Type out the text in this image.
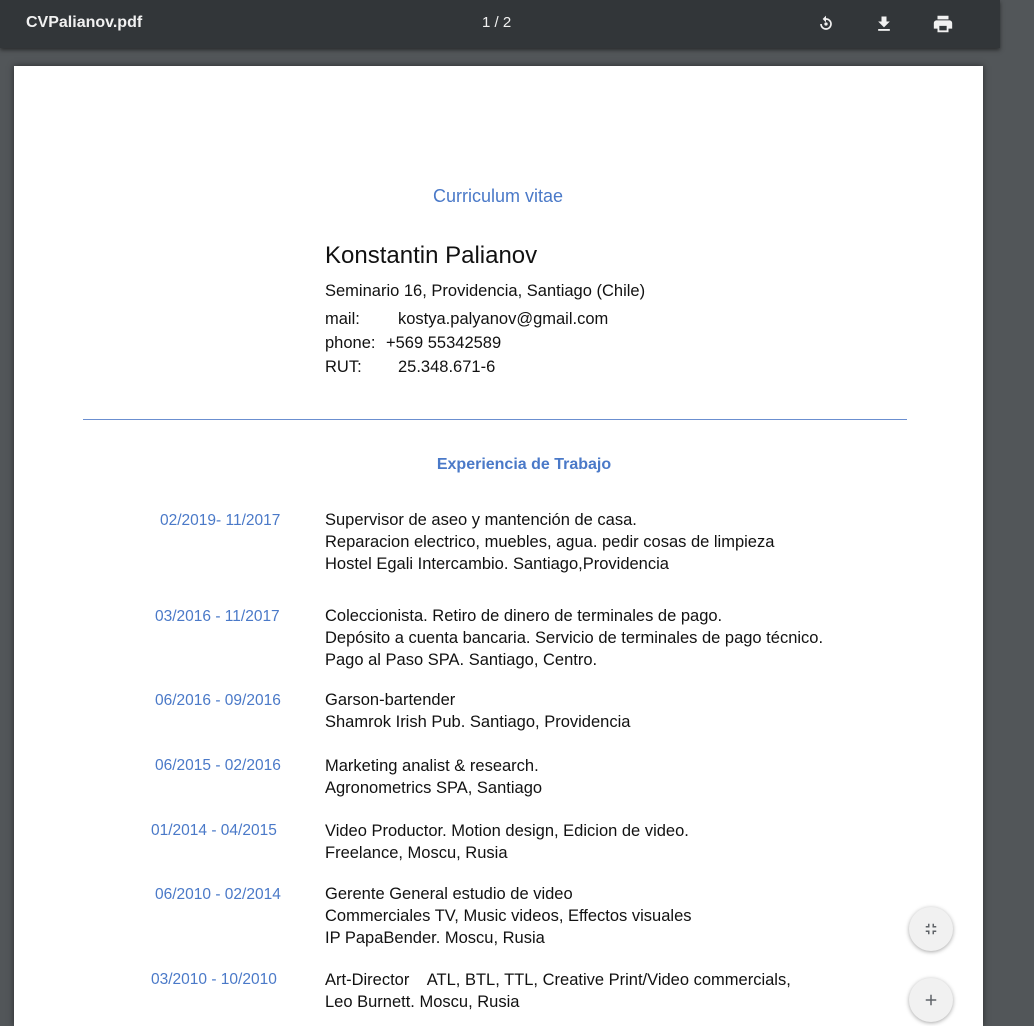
CVPalianov.pdf	1 / 2
Curriculum vitae
Konstantin Palianov
Seminario 16, Providencia, Santiago (Chile)
mail: kostya.palyanov@gmail.com
phone: +569 55342589
RUT: 25.348.671-6
Experiencia de Trabajo
02/2019- 11/2017	Supervisor de aseo y mantención de casa.
Reparacion electrico, muebles, agua. pedir cosas de limpieza
Hostel Egali Intercambio. Santiago,Providencia
03/2016 - 11/2017	Coleccionista. Retiro de dinero de terminales de pago.
Depósito a cuenta bancaria. Servicio de terminales de pago técnico.
Pago al Paso SPA. Santiago, Centro.
06/2016 - 09/2016	Garson-bartender
Shamrok Irish Pub. Santiago, Providencia
06/2015 - 02/2016	Marketing analist & research.
Agronometrics SPA, Santiago
01/2014 - 04/2015	Video Productor. Motion design, Edicion de video.
Freelance, Moscu, Rusia
06/2010 - 02/2014	Gerente General estudio de video
Commerciales TV, Music videos, Effectos visuales
IP PapaBender. Moscu, Rusia
03/2010 - 10/2010	Art-Director    ATL, BTL, TTL, Creative Print/Video commercials,
Leo Burnett. Moscu, Rusia
